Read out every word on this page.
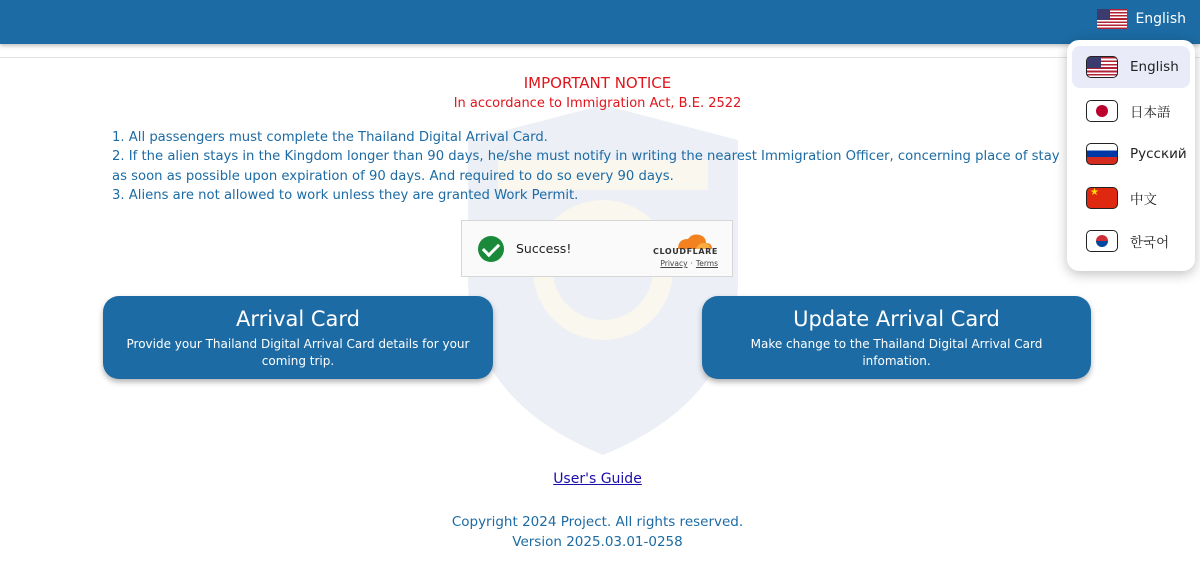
English
IMPORTANT NOTICE
In accordance to Immigration Act, B.E. 2522

1. All passengers must complete the Thailand Digital Arrival Card.

2. If the alien stays in the Kingdom longer than 90 days, he/she must notify in writing the nearest Immigration Officer, concerning place of stay

as soon as possible upon expiration of 90 days. And required to do so every 90 days.

3. Aliens are not allowed to work unless they are granted Work Permit.

Success!	CLOUDFLARE
Privacy · Terms
Arrival Card
Provide your Thailand Digital Arrival Card details for your coming trip.
Update Arrival Card
Make change to the Thailand Digital Arrival Card infomation.
User's Guide
Copyright 2024 Project. All rights reserved.
Version 2025.03.01-0258
English
日本語
Русский
★
中文
한국어
